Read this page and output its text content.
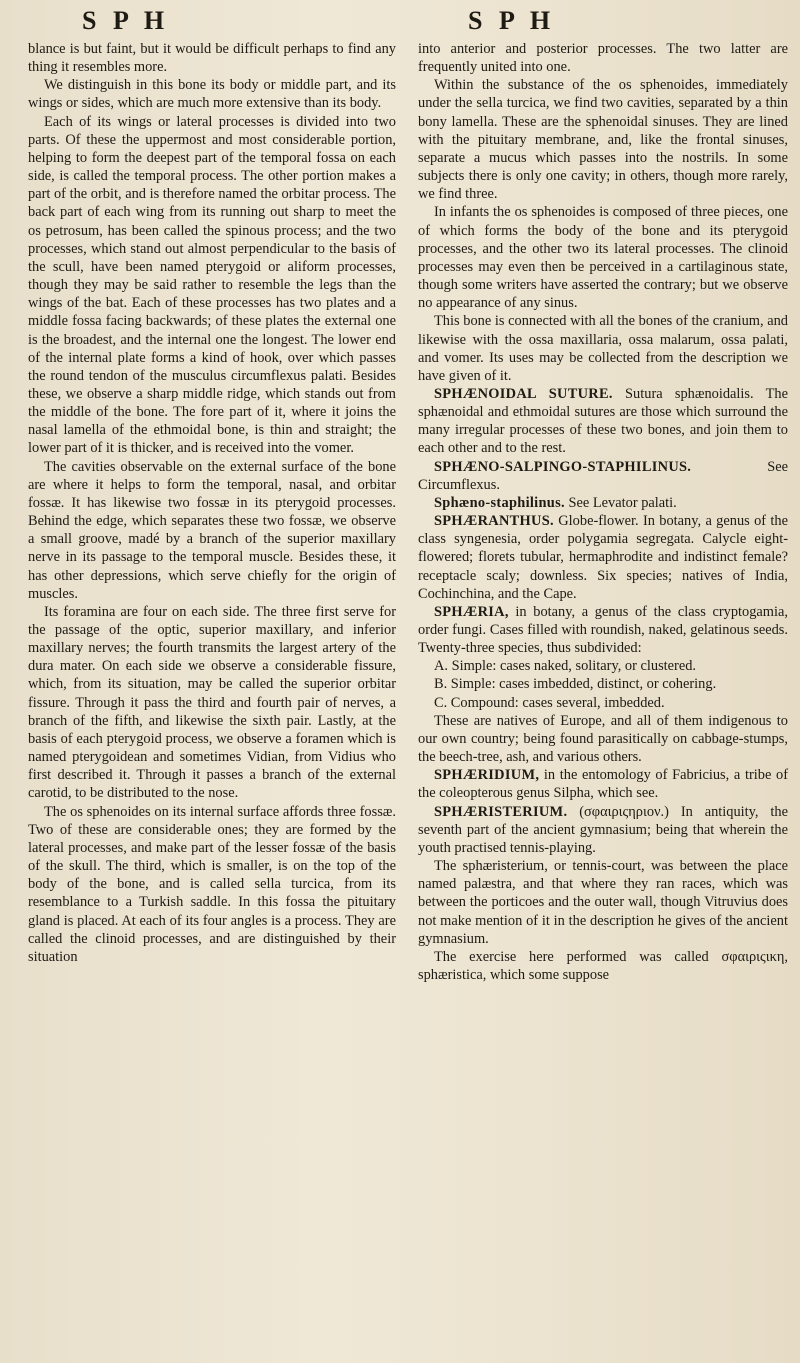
S P H	S P H

blance is but faint, but it would be difficult perhaps to find any thing it resembles more.

We distinguish in this bone its body or middle part, and its wings or sides, which are much more extensive than its body.

Each of its wings or lateral processes is divided into two parts. Of these the uppermost and most considerable portion, helping to form the deepest part of the temporal fossa on each side, is called the temporal process. The other portion makes a part of the orbit, and is therefore named the orbitar process. The back part of each wing from its running out sharp to meet the os petrosum, has been called the spinous process; and the two processes, which stand out almost perpendicular to the basis of the scull, have been named pterygoid or aliform processes, though they may be said rather to resemble the legs than the wings of the bat. Each of these processes has two plates and a middle fossa facing backwards; of these plates the external one is the broadest, and the internal one the longest. The lower end of the internal plate forms a kind of hook, over which passes the round tendon of the musculus circumflexus palati. Besides these, we observe a sharp middle ridge, which stands out from the middle of the bone. The fore part of it, where it joins the nasal lamella of the ethmoidal bone, is thin and straight; the lower part of it is thicker, and is received into the vomer.

The cavities observable on the external surface of the bone are where it helps to form the temporal, nasal, and orbitar fossæ. It has likewise two fossæ in its pterygoid processes. Behind the edge, which separates these two fossæ, we observe a small groove, madé by a branch of the superior maxillary nerve in its passage to the temporal muscle. Besides these, it has other depressions, which serve chiefly for the origin of muscles.

Its foramina are four on each side. The three first serve for the passage of the optic, superior maxillary, and inferior maxillary nerves; the fourth transmits the largest artery of the dura mater. On each side we observe a considerable fissure, which, from its situation, may be called the superior orbitar fissure. Through it pass the third and fourth pair of nerves, a branch of the fifth, and likewise the sixth pair. Lastly, at the basis of each pterygoid process, we observe a foramen which is named pterygoidean and sometimes Vidian, from Vidius who first described it. Through it passes a branch of the external carotid, to be distributed to the nose.

The os sphenoides on its internal surface affords three fossæ. Two of these are considerable ones; they are formed by the lateral processes, and make part of the lesser fossæ of the basis of the skull. The third, which is smaller, is on the top of the body of the bone, and is called sella turcica, from its resemblance to a Turkish saddle. In this fossa the pituitary gland is placed. At each of its four angles is a process. They are called the clinoid processes, and are distinguished by their situation

into anterior and posterior processes. The two latter are frequently united into one.

Within the substance of the os sphenoides, immediately under the sella turcica, we find two cavities, separated by a thin bony lamella. These are the sphenoidal sinuses. They are lined with the pituitary membrane, and, like the frontal sinuses, separate a mucus which passes into the nostrils. In some subjects there is only one cavity; in others, though more rarely, we find three.

In infants the os sphenoides is composed of three pieces, one of which forms the body of the bone and its pterygoid processes, and the other two its lateral processes. The clinoid processes may even then be perceived in a cartilaginous state, though some writers have asserted the contrary; but we observe no appearance of any sinus.

This bone is connected with all the bones of the cranium, and likewise with the ossa maxillaria, ossa malarum, ossa palati, and vomer. Its uses may be collected from the description we have given of it.

SPHÆNOIDAL SUTURE. Sutura sphænoidalis. The sphænoidal and ethmoidal sutures are those which surround the many irregular processes of these two bones, and join them to each other and to the rest.

SPHÆNO-SALPINGO-STAPHILINUS. See Circumflexus.

Sphæno-staphilinus. See Levator palati.

SPHÆRANTHUS. Globe-flower. In botany, a genus of the class syngenesia, order polygamia segregata. Calycle eight-flowered; florets tubular, hermaphrodite and indistinct female? receptacle scaly; downless. Six species; natives of India, Cochinchina, and the Cape.

SPHÆRIA, in botany, a genus of the class cryptogamia, order fungi. Cases filled with roundish, naked, gelatinous seeds. Twenty-three species, thus subdivided:

A. Simple: cases naked, solitary, or clustered.

B. Simple: cases imbedded, distinct, or cohering.

C. Compound: cases several, imbedded.

These are natives of Europe, and all of them indigenous to our own country; being found parasitically on cabbage-stumps, the beech-tree, ash, and various others.

SPHÆRIDIUM, in the entomology of Fabricius, a tribe of the coleopterous genus Silpha, which see.

SPHÆRISTERIUM. (σφαιριςηριον.) In antiquity, the seventh part of the ancient gymnasium; being that wherein the youth practised tennis-playing.

The sphæristerium, or tennis-court, was between the place named palæstra, and that where they ran races, which was between the porticoes and the outer wall, though Vitruvius does not make mention of it in the description he gives of the ancient gymnasium.

The exercise here performed was called σφαιριςικη, sphæristica, which some suppose
